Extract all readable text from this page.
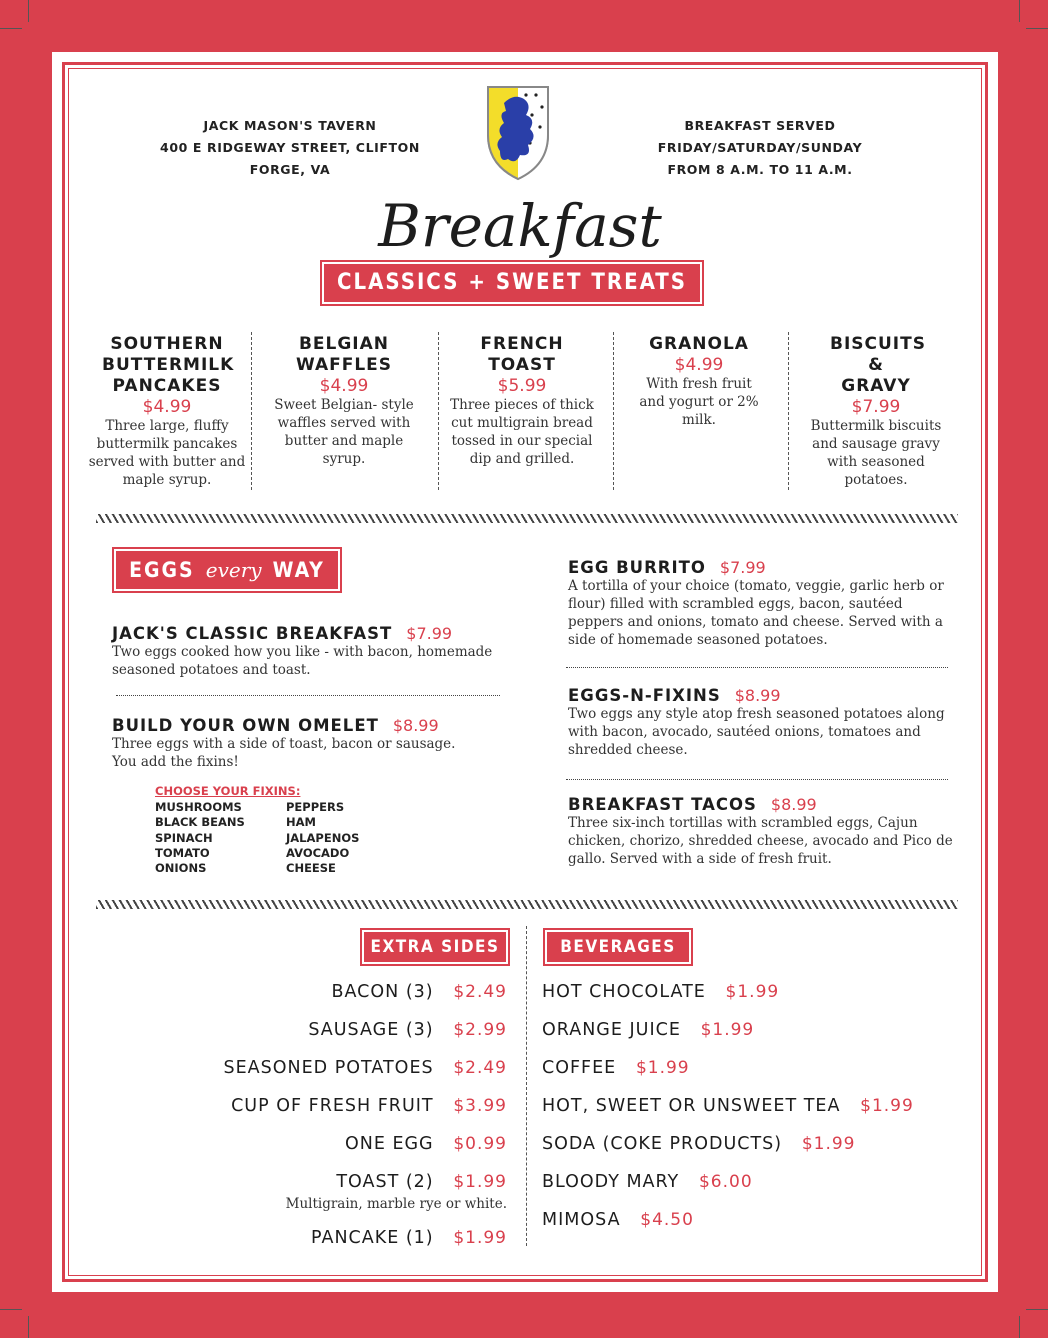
JACK MASON'S TAVERN
400 E RIDGEWAY STREET, CLIFTON FORGE, VA
BREAKFAST SERVED FRIDAY/SATURDAY/SUNDAY
FROM 8 A.M. TO 11 A.M.
Breakfast
CLASSICS + SWEET TREATS
SOUTHERN BUTTERMILK PANCAKES
$4.99
Three large, fluffy buttermilk pancakes served with butter and maple syrup.
BELGIAN WAFFLES
$4.99
Sweet Belgian- style waffles served with butter and maple syrup.
FRENCH TOAST
$5.99
Three pieces of thick cut multigrain bread tossed in our special dip and grilled.
GRANOLA
$4.99
With fresh fruit and yogurt or 2% milk.
BISCUITS & GRAVY
$7.99
Buttermilk biscuits and sausage gravy with seasoned potatoes.
EGGS every WAY
JACK'S CLASSIC BREAKFAST $7.99
Two eggs cooked how you like - with bacon, homemade seasoned potatoes and toast.
BUILD YOUR OWN OMELET $8.99
Three eggs with a side of toast, bacon or sausage. You add the fixins!
CHOOSE YOUR FIXINS:
MUSHROOMS
BLACK BEANS
SPINACH
TOMATO
ONIONS
PEPPERS
HAM
JALAPENOS
AVOCADO
CHEESE
EGG BURRITO $7.99
A tortilla of your choice (tomato, veggie, garlic herb or flour) filled with scrambled eggs, bacon, sautéed peppers and onions, tomato and cheese. Served with a side of homemade seasoned potatoes.
EGGS-N-FIXINS $8.99
Two eggs any style atop fresh seasoned potatoes along with bacon, avocado, sautéed onions, tomatoes and shredded cheese.
BREAKFAST TACOS $8.99
Three six-inch tortillas with scrambled eggs, Cajun chicken, chorizo, shredded cheese, avocado and Pico de gallo. Served with a side of fresh fruit.
EXTRA SIDES	BEVERAGES
BACON (3) $2.49
SAUSAGE (3) $2.99
SEASONED POTATOES $2.49
CUP OF FRESH FRUIT $3.99
ONE EGG $0.99
TOAST (2) $1.99
Multigrain, marble rye or white.
PANCAKE (1) $1.99
HOT CHOCOLATE $1.99
ORANGE JUICE $1.99
COFFEE $1.99
HOT, SWEET OR UNSWEET TEA $1.99
SODA (COKE PRODUCTS) $1.99
BLOODY MARY $6.00
MIMOSA $4.50
